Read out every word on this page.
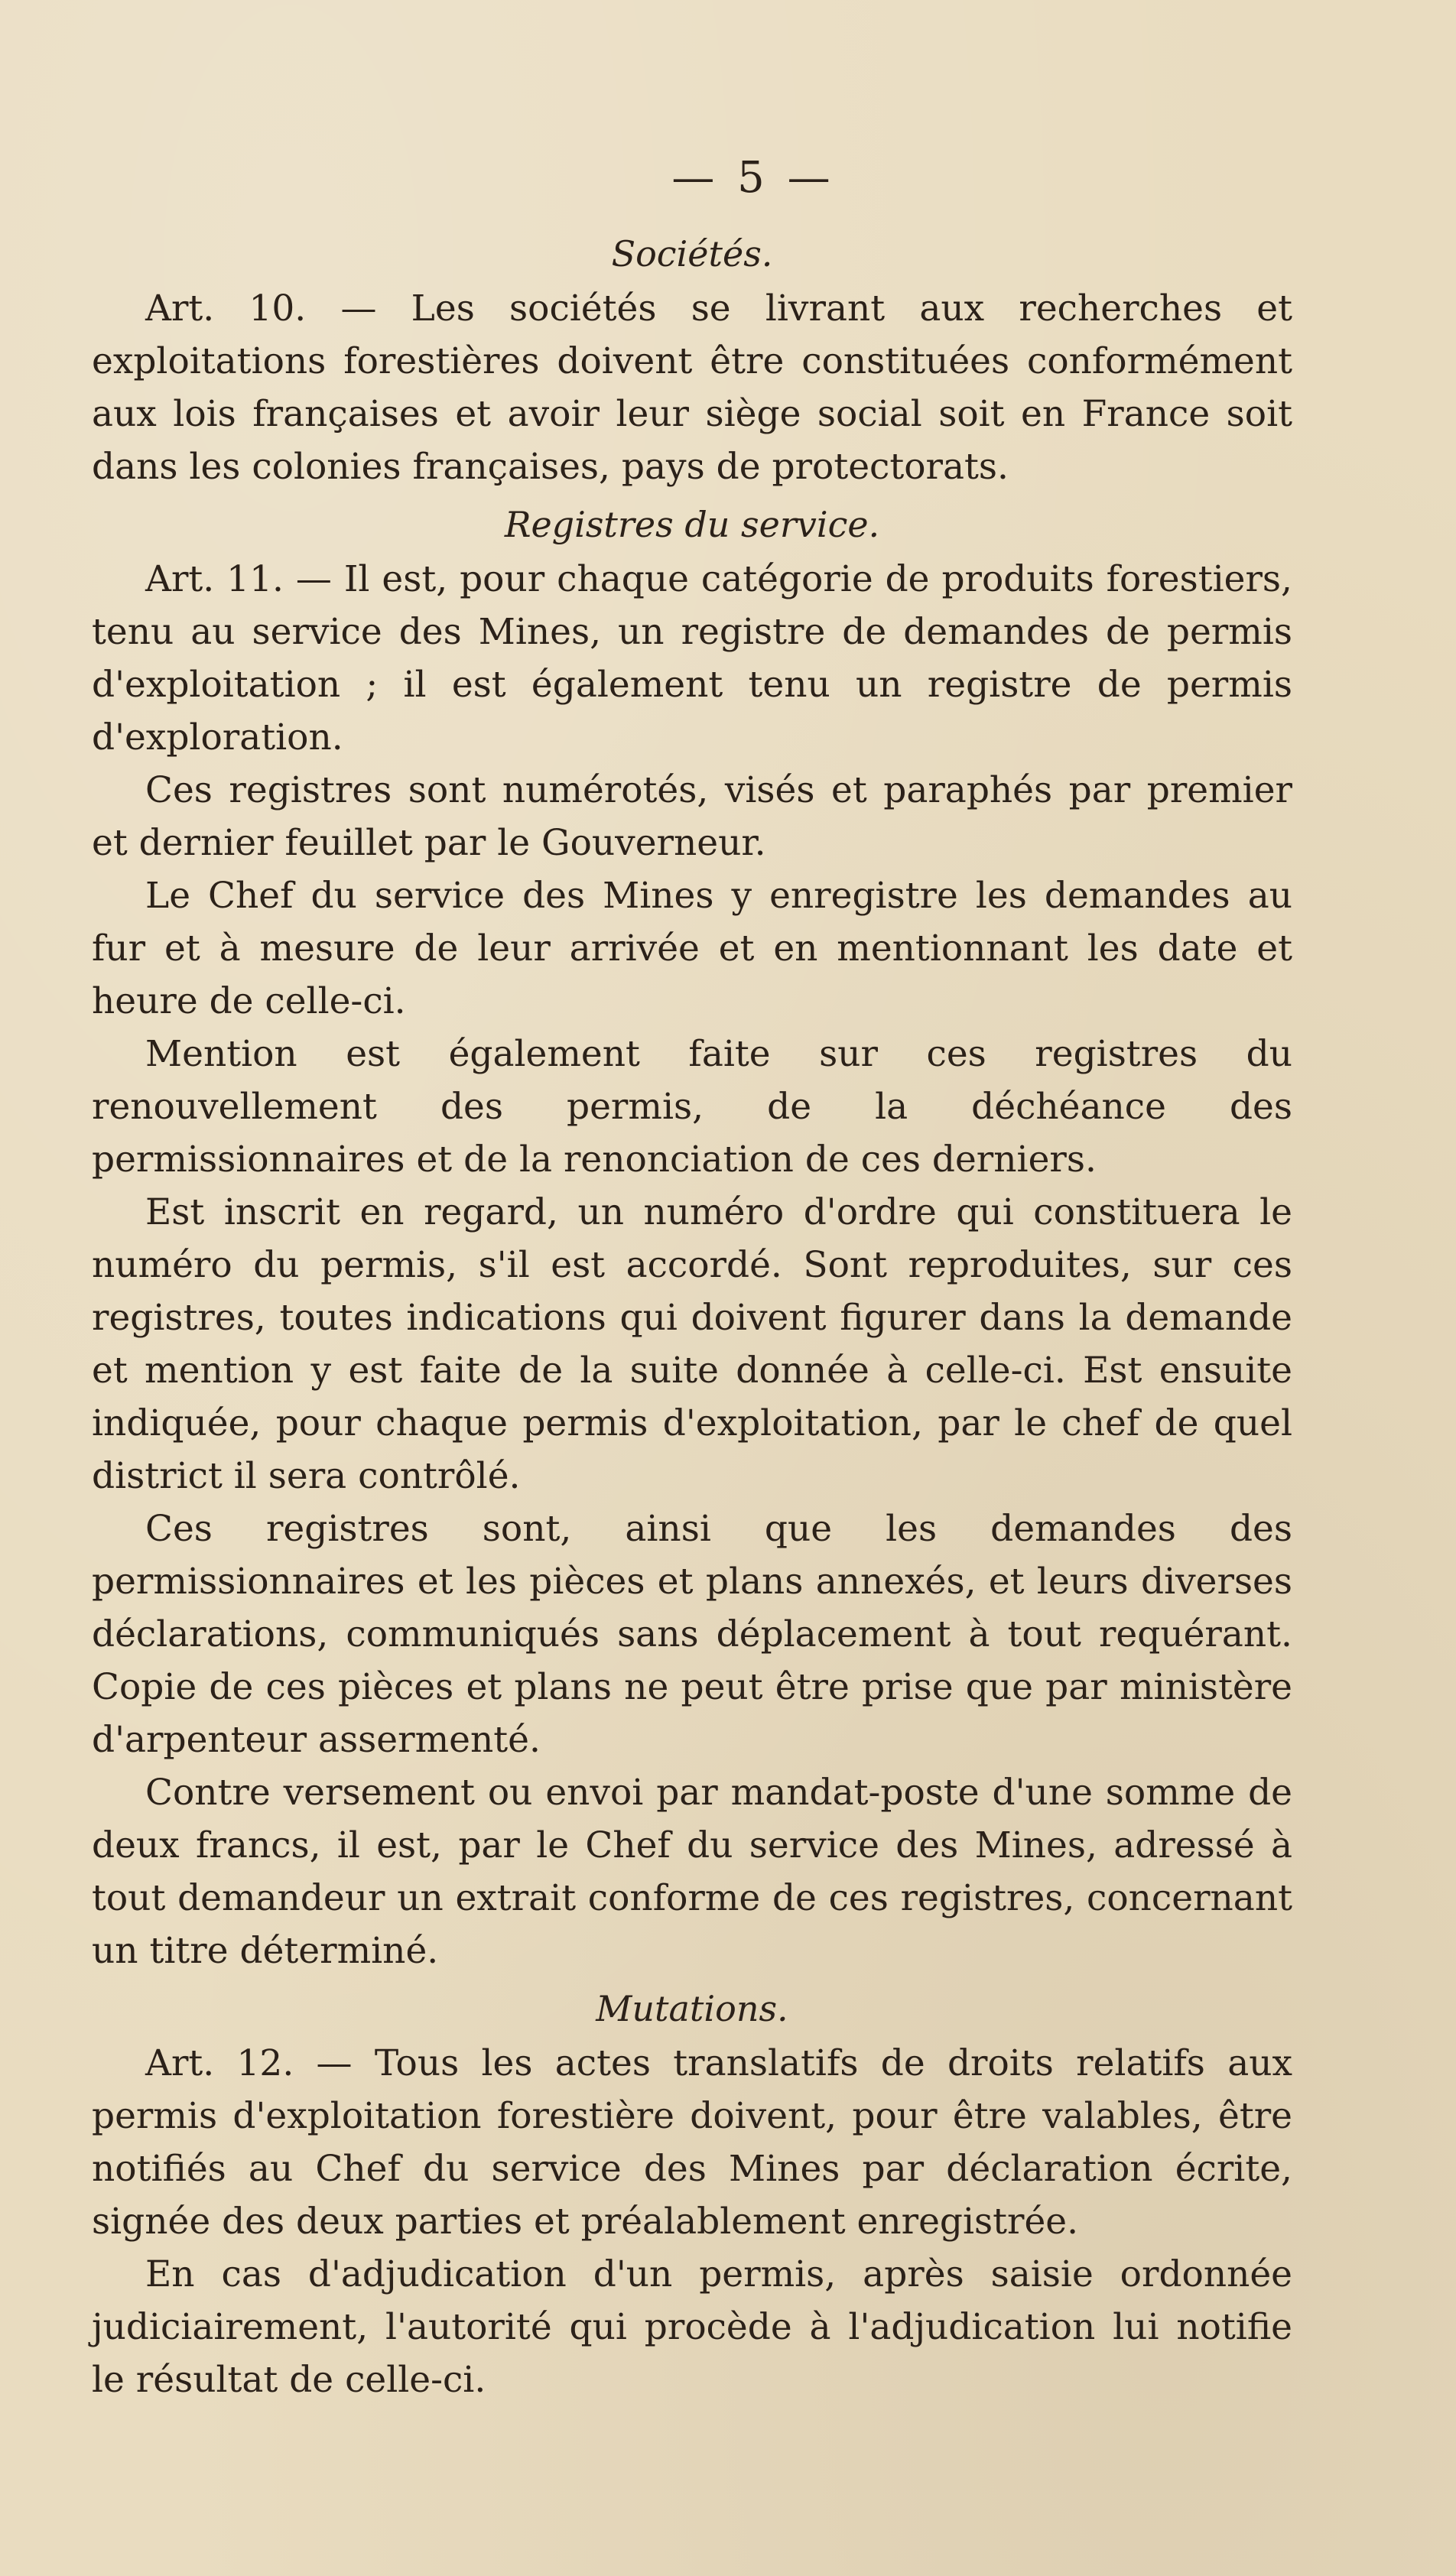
— 5 —
Sociétés.

Art. 10. — Les sociétés se livrant aux recherches et exploitations forestières doivent être constituées conformément aux lois françaises et avoir leur siège social soit en France soit dans les colonies françaises, pays de protectorats.

Registres du service.

Art. 11. — Il est, pour chaque catégorie de produits forestiers, tenu au service des Mines, un registre de demandes de permis d'exploitation ; il est également tenu un registre de permis d'exploration.

Ces registres sont numérotés, visés et paraphés par premier et dernier feuillet par le Gouverneur.

Le Chef du service des Mines y enregistre les demandes au fur et à mesure de leur arrivée et en mentionnant les date et heure de celle-ci.

Mention est également faite sur ces registres du renouvellement des permis, de la déchéance des permissionnaires et de la renonciation de ces derniers.

Est inscrit en regard, un numéro d'ordre qui constituera le numéro du permis, s'il est accordé. Sont reproduites, sur ces registres, toutes indications qui doivent figurer dans la demande et mention y est faite de la suite donnée à celle-ci. Est ensuite indiquée, pour chaque permis d'exploitation, par le chef de quel district il sera contrôlé.

Ces registres sont, ainsi que les demandes des permissionnaires et les pièces et plans annexés, et leurs diverses déclarations, communiqués sans déplacement à tout requérant. Copie de ces pièces et plans ne peut être prise que par ministère d'arpenteur assermenté.

Contre versement ou envoi par mandat-poste d'une somme de deux francs, il est, par le Chef du service des Mines, adressé à tout demandeur un extrait conforme de ces registres, concernant un titre déterminé.

Mutations.

Art. 12. — Tous les actes translatifs de droits relatifs aux permis d'exploitation forestière doivent, pour être valables, être notifiés au Chef du service des Mines par déclaration écrite, signée des deux parties et préalablement enregistrée.

En cas d'adjudication d'un permis, après saisie ordonnée judiciairement, l'autorité qui procède à l'adjudication lui notifie le résultat de celle-ci.
